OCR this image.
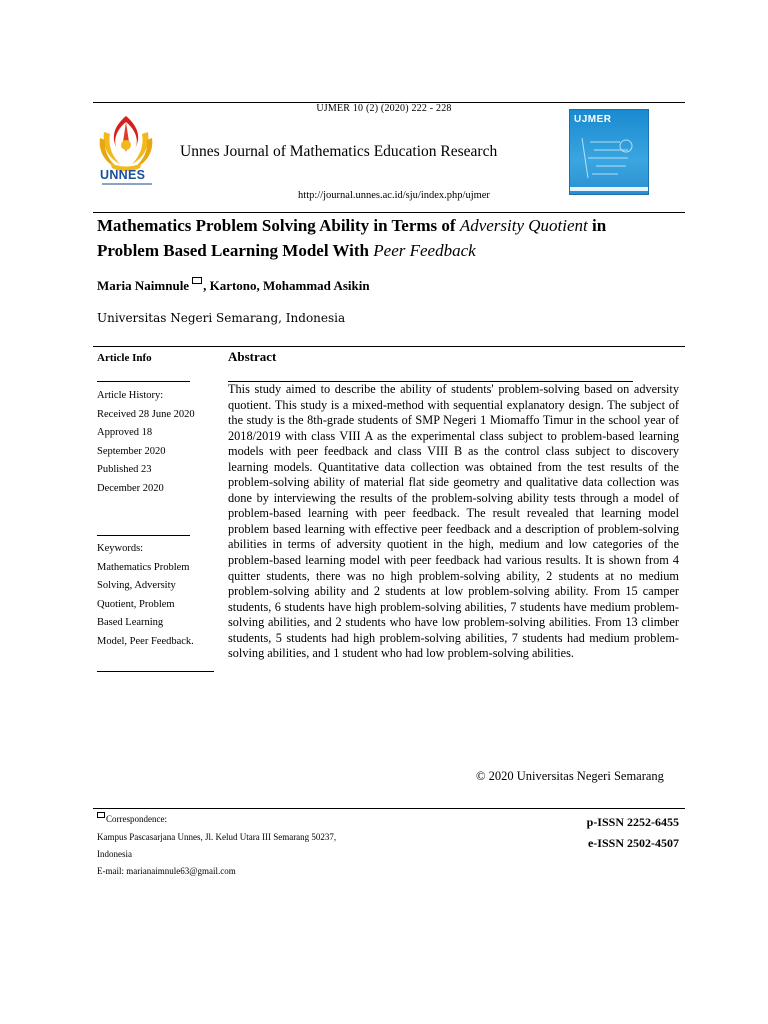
UJMER 10 (2) (2020) 222 - 228
UNNES
Unnes Journal of Mathematics Education Research
http://journal.unnes.ac.id/sju/index.php/ujmer
UJMER
Mathematics Problem Solving Ability in Terms of Adversity Quotient in
Problem Based Learning Model With Peer Feedback
Maria Naimnule , Kartono, Mohammad Asikin
Universitas Negeri Semarang, Indonesia
Article Info	Abstract
Article History:
Received 28 June 2020
Approved 18
September 2020
Published 23
December 2020
Keywords:
Mathematics Problem
Solving, Adversity
Quotient, Problem
Based Learning
Model, Peer Feedback.
This study aimed to describe the ability of students' problem-solving based on adversity quotient. This study is a mixed-method with sequential explanatory design. The subject of the study is the 8th-grade students of SMP Negeri 1 Miomaffo Timur in the school year of 2018/2019 with class VIII A as the experimental class subject to problem-based learning models with peer feedback and class VIII B as the control class subject to discovery learning models. Quantitative data collection was obtained from the test results of the problem-solving ability of material flat side geometry and qualitative data collection was done by interviewing the results of the problem-solving ability tests through a model of problem-based learning with peer feedback. The result revealed that learning model problem based learning with effective peer feedback and a description of problem-solving abilities in terms of adversity quotient in the high, medium and low categories of the problem-based learning model with peer feedback had various results. It is shown from 4 quitter students, there was no high problem-solving ability, 2 students at no medium problem-solving ability and 2 students at low problem-solving ability. From 15 camper students, 6 students have high problem-solving abilities, 7 students have medium problem-solving abilities, and 2 students who have low problem-solving abilities. From 13 climber students, 5 students had high problem-solving abilities, 7 students had medium problem-solving abilities, and 1 student who had low problem-solving abilities.
© 2020 Universitas Negeri Semarang
Correspondence:
Kampus Pascasarjana Unnes, Jl. Kelud Utara III Semarang 50237,
Indonesia
E-mail: marianaimnule63@gmail.com
p-ISSN 2252-6455
e-ISSN 2502-4507
